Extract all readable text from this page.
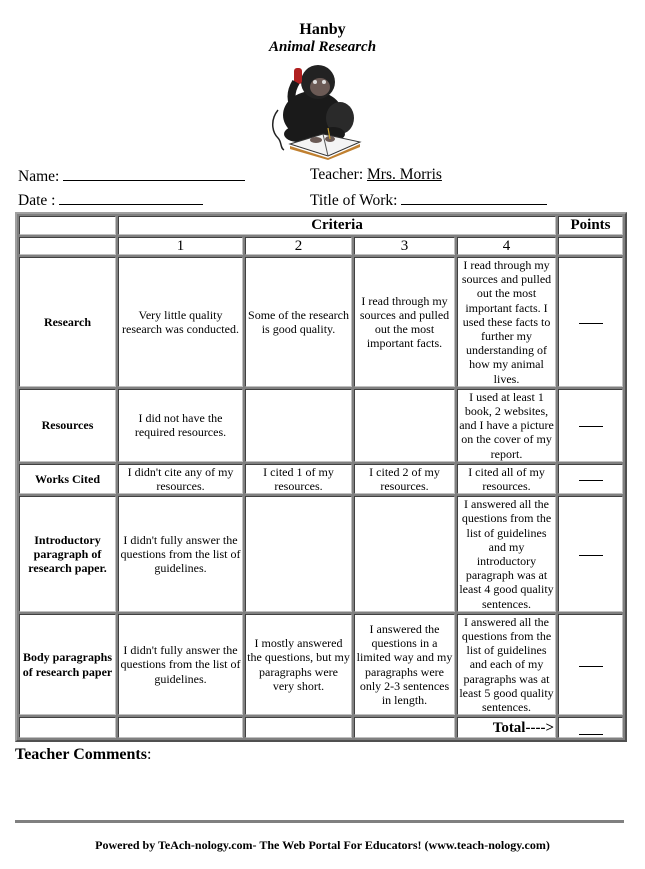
Hanby
Animal Research
Name:	Teacher: Mrs. Morris
Date :	Title of Work:
	Criteria				Points
	1	2	3	4	
Research	Very little quality research was conducted.	Some of the research is good quality.	I read through my sources and pulled out the most important facts.	I read through my sources and pulled out the most important facts. I used these facts to further my understanding of how my animal lives.	
Resources	I did not have the required resources.			I used at least 1 book, 2 websites, and I have a picture on the cover of my report.	
Works Cited	I didn't cite any of my resources.	I cited 1 of my resources.	I cited 2 of my resources.	I cited all of my resources.	
Introductory paragraph of research paper.	I didn't fully answer the questions from the list of guidelines.			I answered all the questions from the list of guidelines and my introductory paragraph was at least 4 good quality sentences.	
Body paragraphs of research paper	I didn't fully answer the questions from the list of guidelines.	I mostly answered the questions, but my paragraphs were very short.	I answered the questions in a limited way and my paragraphs were only 2-3 sentences in length.	I answered all the questions from the list of guidelines and each of my paragraphs was at least 5 good quality sentences.	
				Total---->	
Teacher Comments:
Powered by TeAch-nology.com- The Web Portal For Educators! (www.teach-nology.com)
